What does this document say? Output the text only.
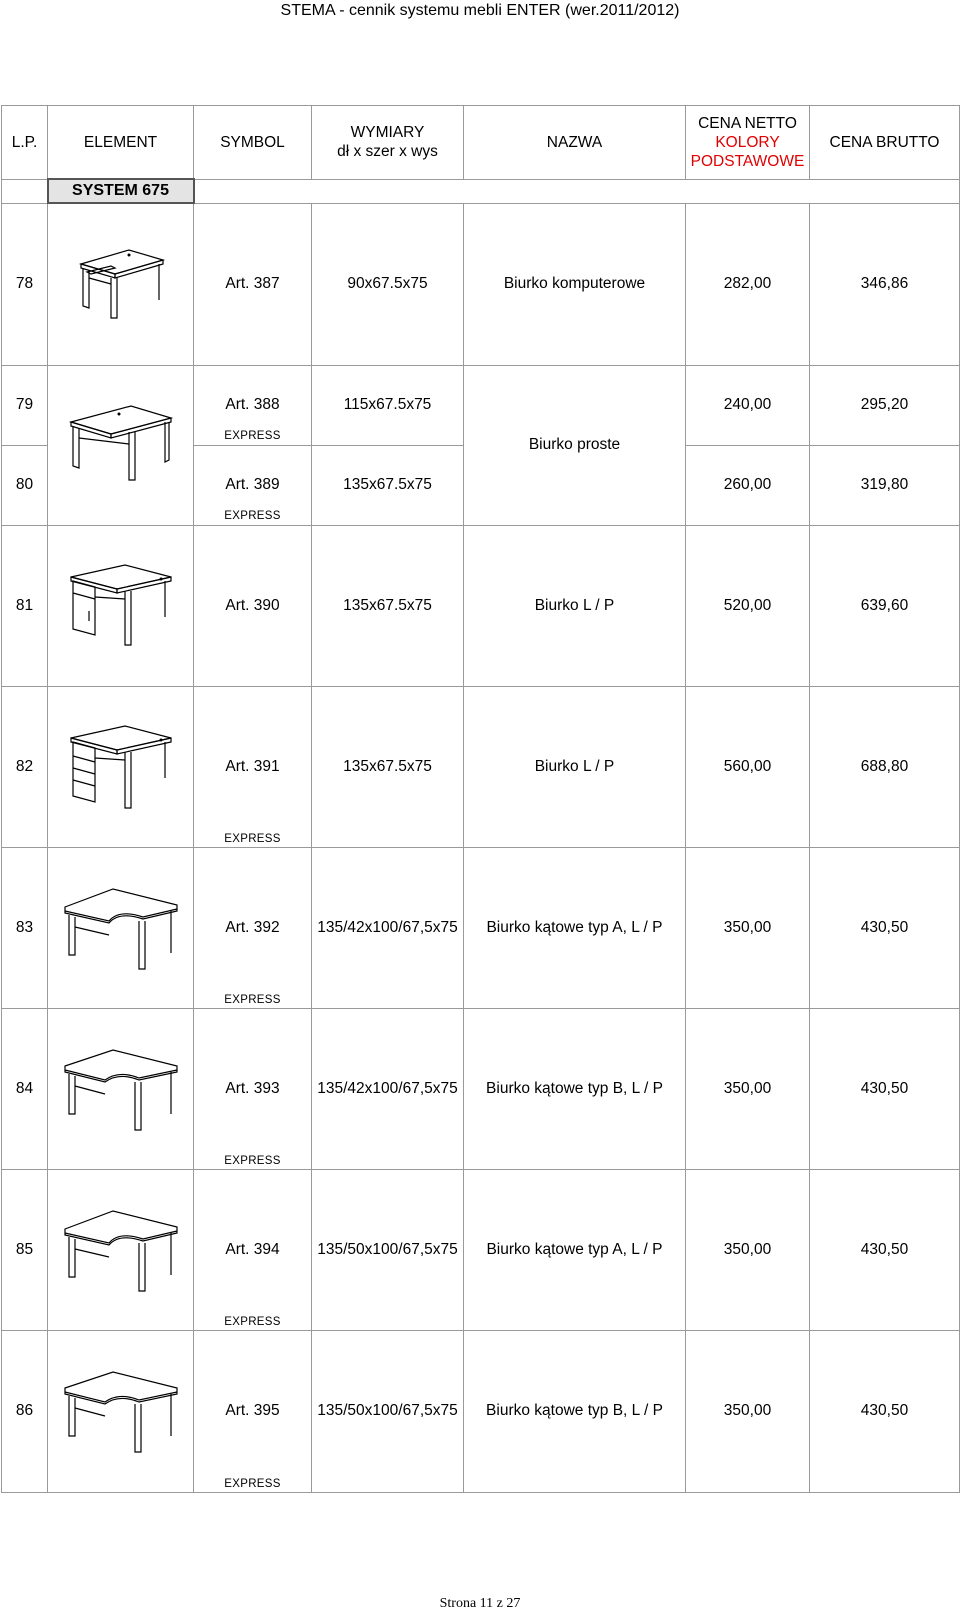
STEMA - cennik systemu mebli ENTER (wer.2011/2012)
L.P.	ELEMENT	SYMBOL	WYMIARY
dł x szer x wys	NAZWA	CENA NETTO
KOLORY
PODSTAWOWE	CENA BRUTTO
	SYSTEM 675					
78		Art. 387	90x67.5x75	Biurko komputerowe	282,00	346,86
79		Art. 388
EXPRESS	115x67.5x75	Biurko proste	240,00	295,20
80		Art. 389
EXPRESS	135x67.5x75		260,00	319,80
81		Art. 390	135x67.5x75	Biurko L / P	520,00	639,60
82		Art. 391
EXPRESS	135x67.5x75	Biurko L / P	560,00	688,80
83		Art. 392
EXPRESS	135/42x100/67,5x75	Biurko kątowe typ A, L / P	350,00	430,50
84		Art. 393
EXPRESS	135/42x100/67,5x75	Biurko kątowe typ B, L / P	350,00	430,50
85		Art. 394
EXPRESS	135/50x100/67,5x75	Biurko kątowe typ A, L / P	350,00	430,50
86		Art. 395
EXPRESS	135/50x100/67,5x75	Biurko kątowe typ B, L / P	350,00	430,50
Strona 11 z 27
